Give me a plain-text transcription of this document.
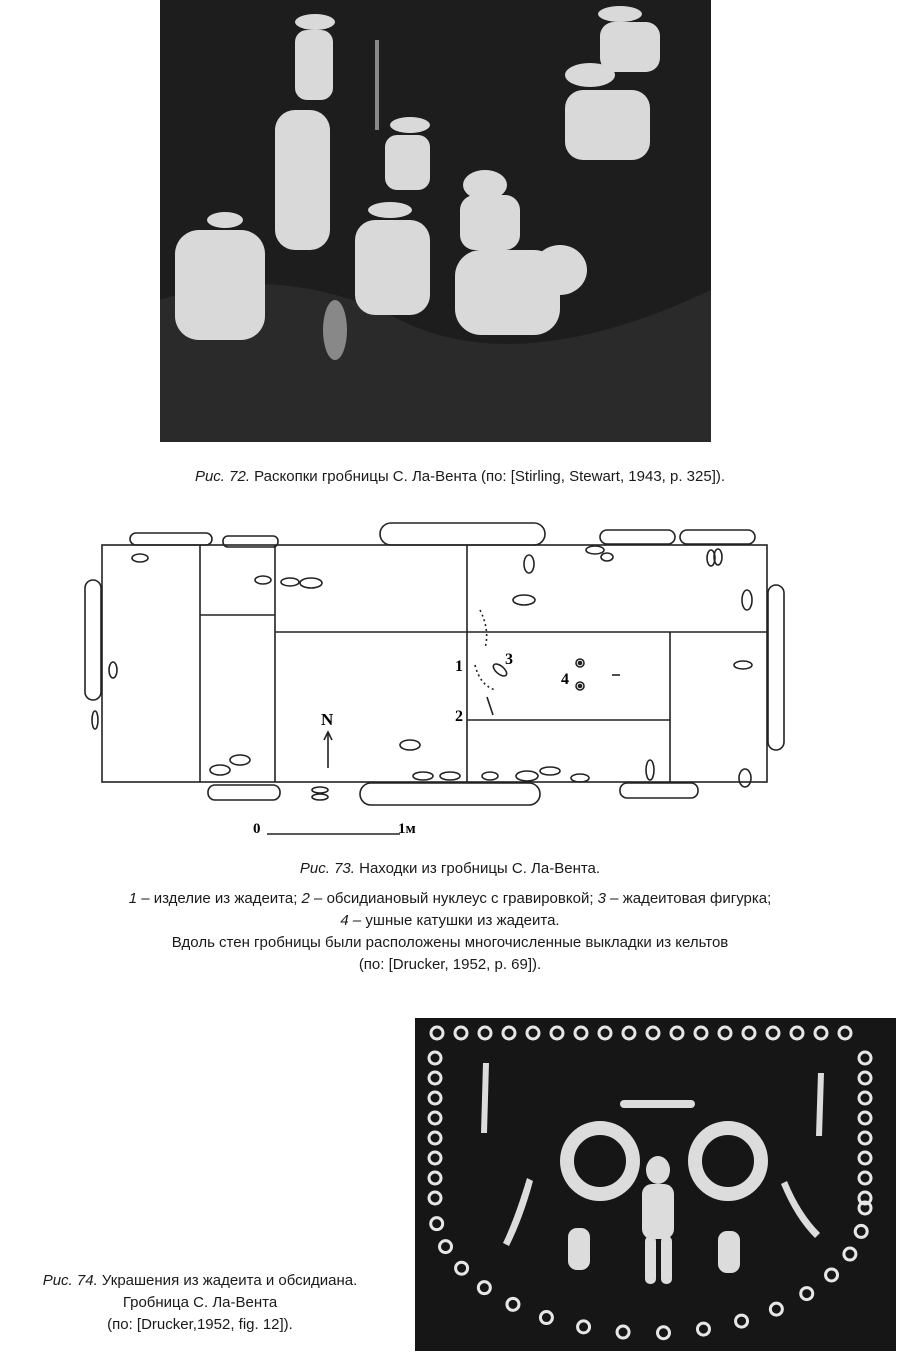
Рис. 72. Раскопки гробницы С. Ла-Вента (по: [Stirling, Stewart, 1943, p. 325]).
N
1
2
3
4
0	1м
Рис. 73. Находки из гробницы С. Ла-Вента.
1 – изделие из жадеита; 2 – обсидиановый нуклеус с гравировкой; 3 – жадеитовая фигурка;
4 – ушные катушки из жадеита.
Вдоль стен гробницы были расположены многочисленные выкладки из кельтов
(по: [Drucker, 1952, p. 69]).
Рис. 74. Украшения из жадеита и обсидиана.
Гробница С. Ла-Вента
(по: [Drucker,1952, fig. 12]).
